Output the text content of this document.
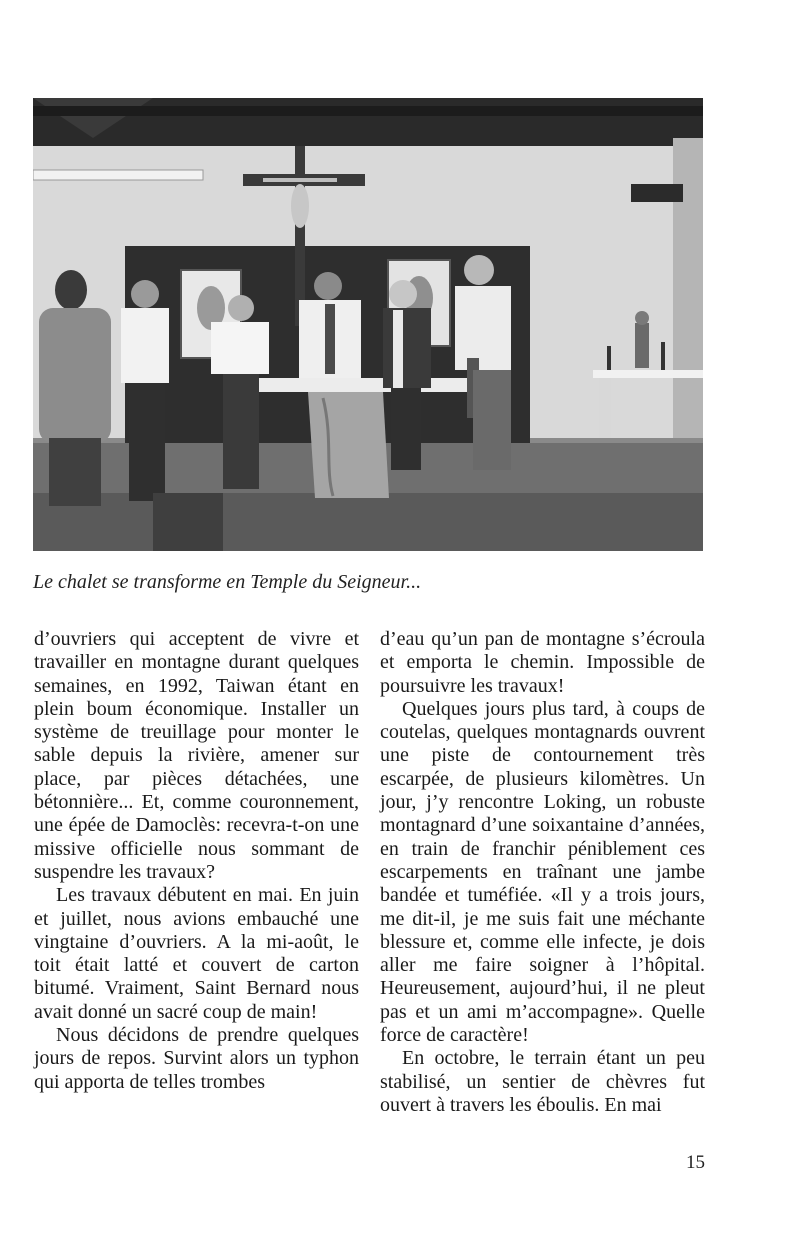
Le chalet se transforme en Temple du Seigneur...

d’ouvriers qui acceptent de vivre et travailler en montagne durant quelques semaines, en 1992, Taiwan étant en plein boum économique. Installer un système de treuillage pour monter le sable depuis la rivière, amener sur place, par pièces détachées, une bétonnière... Et, comme couronnement, une épée de Damoclès: recevra-t-on une missive officielle nous sommant de suspendre les travaux?

Les travaux débutent en mai. En juin et juillet, nous avions embauché une vingtaine d’ouvriers. A la mi-août, le toit était latté et couvert de carton bitumé. Vraiment, Saint Bernard nous avait donné un sacré coup de main!

Nous décidons de prendre quelques jours de repos. Survint alors un typhon qui apporta de telles trombes

d’eau qu’un pan de montagne s’écroula et emporta le chemin. Impossible de poursuivre les travaux!

Quelques jours plus tard, à coups de coutelas, quelques montagnards ouvrent une piste de contournement très escarpée, de plusieurs kilomètres. Un jour, j’y rencontre Loking, un robuste montagnard d’une soixantaine d’années, en train de franchir péniblement ces escarpements en traînant une jambe bandée et tuméfiée. «Il y a trois jours, me dit-il, je me suis fait une méchante blessure et, comme elle infecte, je dois aller me faire soigner à l’hôpital. Heureusement, aujourd’hui, il ne pleut pas et un ami m’accompagne». Quelle force de caractère!

En octobre, le terrain étant un peu stabilisé, un sentier de chèvres fut ouvert à travers les éboulis. En mai

15
